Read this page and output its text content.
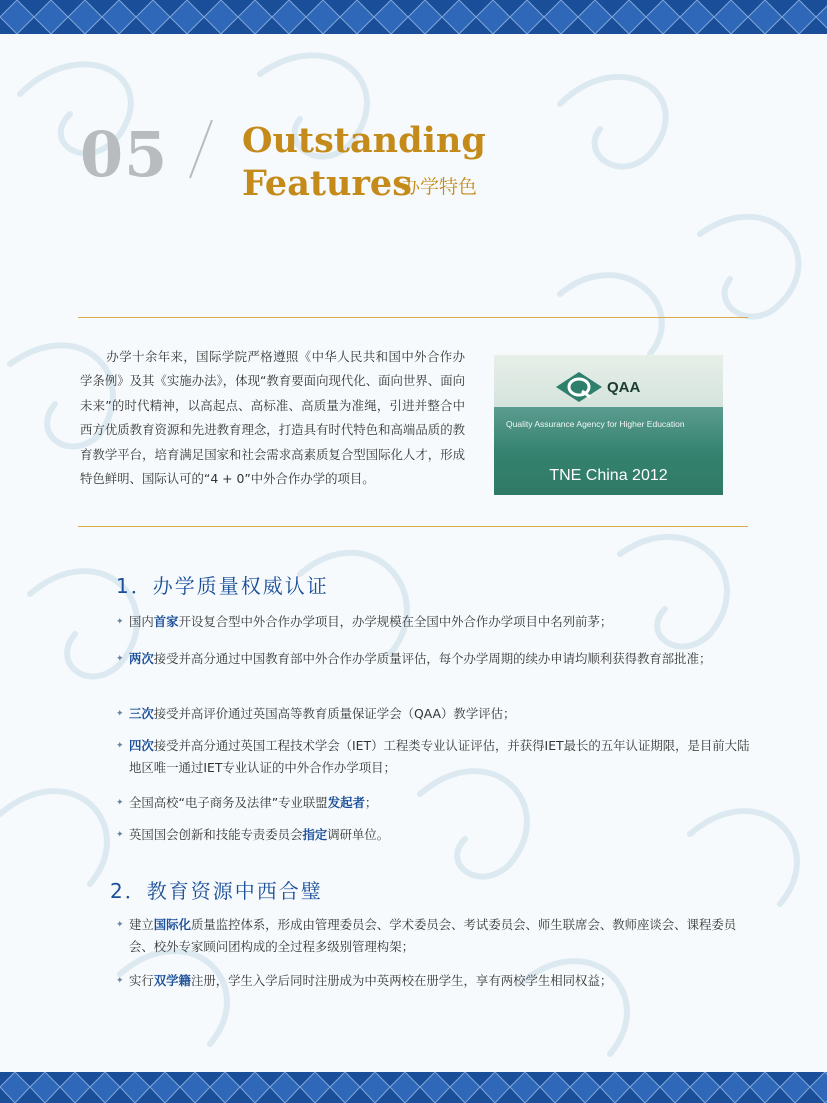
05 Outstanding
Features
办学特色
办学十余年来，国际学院严格遵照《中华人民共和国中外合作办学条例》及其《实施办法》，体现“教育要面向现代化、面向世界、面向未来”的时代精神，以高起点、高标准、高质量为准绳，引进并整合中西方优质教育资源和先进教育理念，打造具有时代特色和高端品质的教育教学平台，培育满足国家和社会需求高素质复合型国际化人才，形成特色鲜明、国际认可的“4 + 0”中外合作办学的项目。
QAA
Quality Assurance Agency for Higher Education
TNE China 2012
1．办学质量权威认证
✦ 国内首家开设复合型中外合作办学项目，办学规模在全国中外合作办学项目中名列前茅；
✦ 两次接受并高分通过中国教育部中外合作办学质量评估，每个办学周期的续办申请均顺利获得教育部批准；
✦ 三次接受并高评价通过英国高等教育质量保证学会（QAA）教学评估；
✦ 四次接受并高分通过英国工程技术学会（IET）工程类专业认证评估，并获得IET最长的五年认证期限，是目前大陆地区唯一通过IET专业认证的中外合作办学项目；
✦ 全国高校“电子商务及法律”专业联盟发起者；
✦ 英国国会创新和技能专责委员会指定调研单位。
2．教育资源中西合璧
✦ 建立国际化质量监控体系，形成由管理委员会、学术委员会、考试委员会、师生联席会、教师座谈会、课程委员会、校外专家顾问团构成的全过程多级别管理构架；
✦ 实行双学籍注册，学生入学后同时注册成为中英两校在册学生，享有两校学生相同权益；
